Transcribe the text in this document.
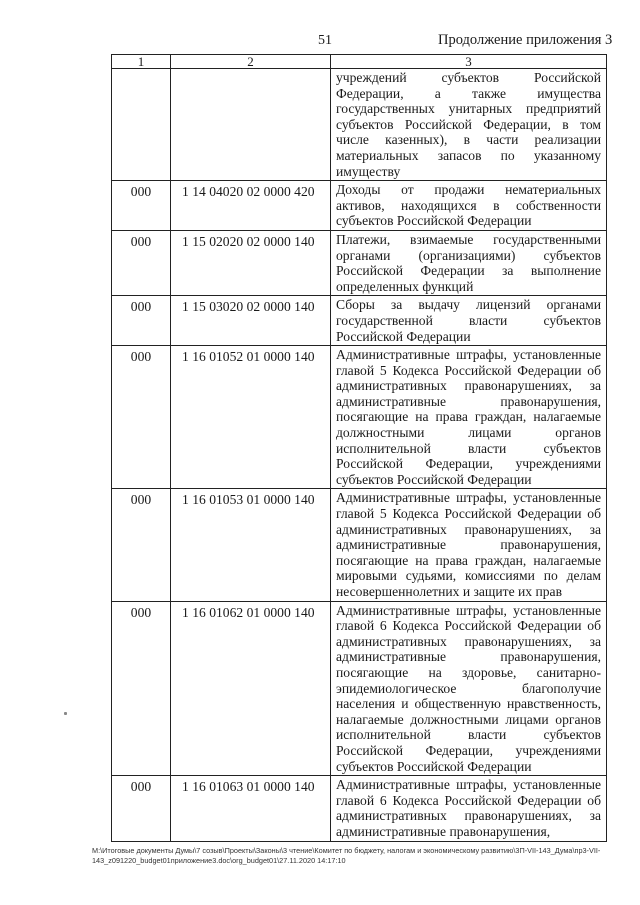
51	Продолжение приложения 3
1	2	3
		учреждений субъектов Российской Федерации, а также имущества государственных унитарных предприятий субъектов Российской Федерации, в том числе казенных), в части реализации материальных запасов по указанному имуществу
000	1 14 04020 02 0000 420	Доходы от продажи нематериальных активов, находящихся в собственности субъектов Российской Федерации
000	1 15 02020 02 0000 140	Платежи, взимаемые государственными органами (организациями) субъектов Российской Федерации за выполнение определенных функций
000	1 15 03020 02 0000 140	Сборы за выдачу лицензий органами государственной власти субъектов Российской Федерации
000	1 16 01052 01 0000 140	Административные штрафы, установленные главой 5 Кодекса Российской Федерации об административных правонарушениях, за административные правонарушения, посягающие на права граждан, налагаемые должностными лицами органов исполнительной власти субъектов Российской Федерации, учреждениями субъектов Российской Федерации
000	1 16 01053 01 0000 140	Административные штрафы, установленные главой 5 Кодекса Российской Федерации об административных правонарушениях, за административные правонарушения, посягающие на права граждан, налагаемые мировыми судьями, комиссиями по делам несовершеннолетних и защите их прав
000	1 16 01062 01 0000 140	Административные штрафы, установленные главой 6 Кодекса Российской Федерации об административных правонарушениях, за административные правонарушения, посягающие на здоровье, санитарно-эпидемиологическое благополучие населения и общественную нравственность, налагаемые должностными лицами органов исполнительной власти субъектов Российской Федерации, учреждениями субъектов Российской Федерации
000	1 16 01063 01 0000 140	Административные штрафы, установленные главой 6 Кодекса Российской Федерации об административных правонарушениях, за административные правонарушения,
M:\Итоговые документы Думы\7 созыв\Проекты\Законы\3 чтение\Комитет по бюджету, налогам и экономическому развитию\3П-VII-143_Дума\пр3-VII-143_z091220_budget01приложение3.doc\org_budget01\27.11.2020 14:17:10
